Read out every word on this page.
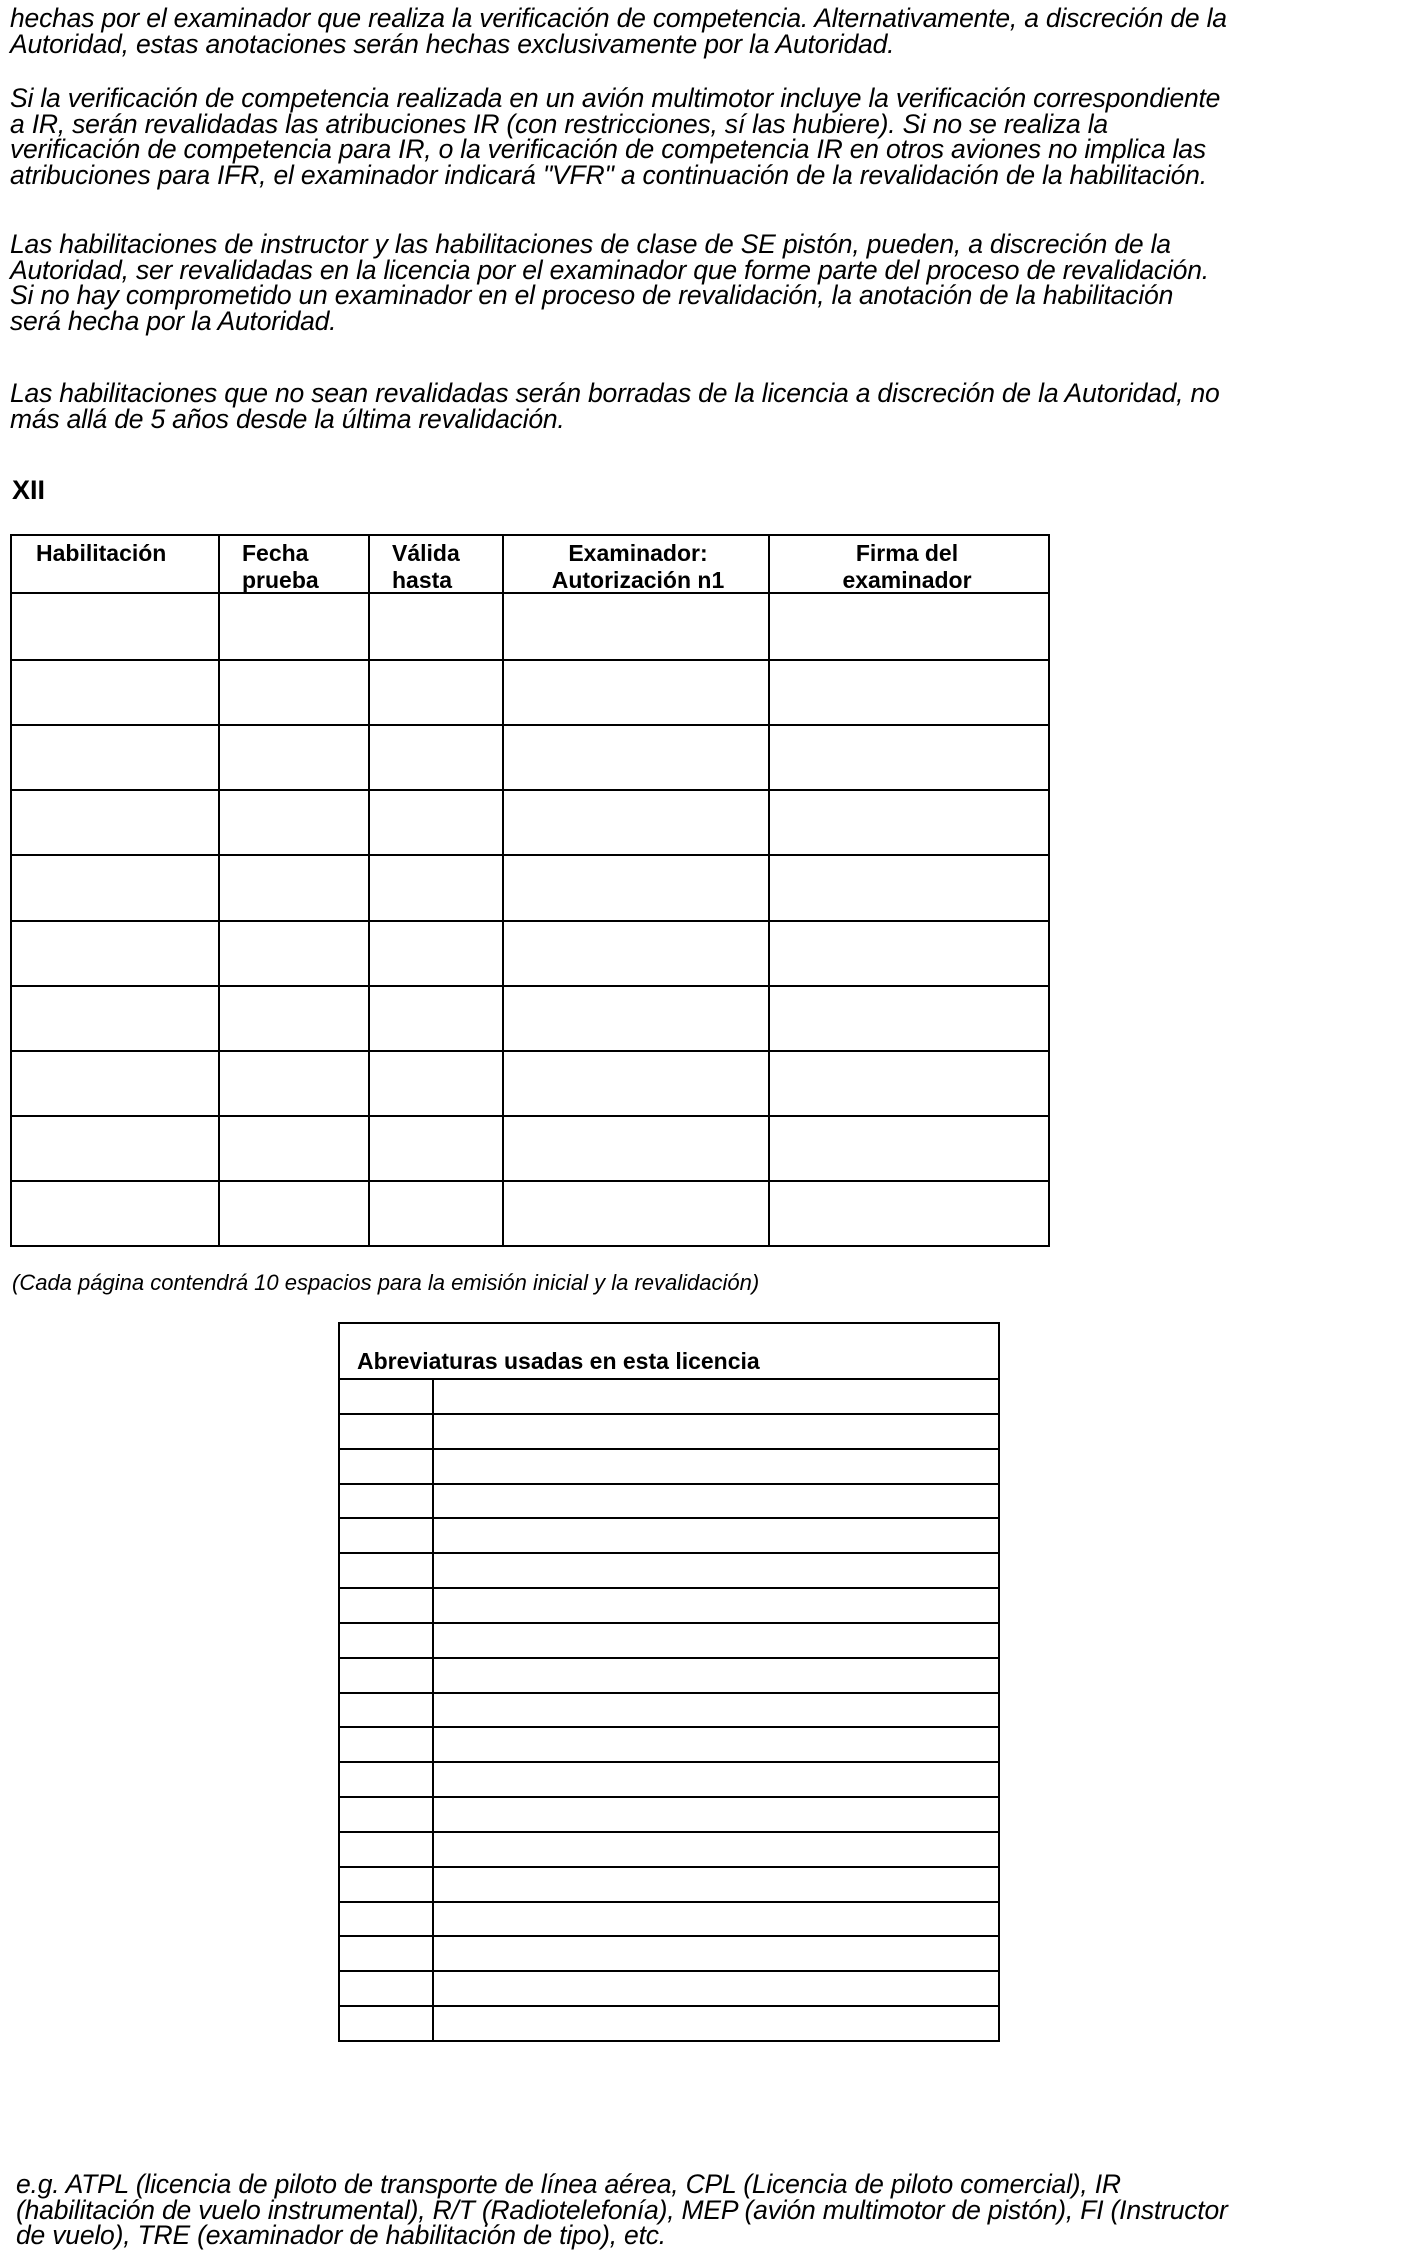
hechas por el examinador que realiza la verificación de competencia. Alternativamente, a discreción de la
Autoridad, estas anotaciones serán hechas exclusivamente por la Autoridad.

Si la verificación de competencia realizada en un avión multimotor incluye la verificación correspondiente
a IR, serán revalidadas las atribuciones IR (con restricciones, sí las hubiere). Si no se realiza la
verificación de competencia para IR, o la verificación de competencia IR en otros aviones no implica las
atribuciones para IFR, el examinador indicará "VFR" a continuación de la revalidación de la habilitación.

Las habilitaciones de instructor y las habilitaciones de clase de SE pistón, pueden, a discreción de la
Autoridad, ser revalidadas en la licencia por el examinador que forme parte del proceso de revalidación.
Si no hay comprometido un examinador en el proceso de revalidación, la anotación de la habilitación
será hecha por la Autoridad.

Las habilitaciones que no sean revalidadas serán borradas de la licencia a discreción de la Autoridad, no
más allá de 5 años desde la última revalidación.

XII
Habilitación	Fecha
prueba
Válida
hasta
Examinador:
Autorización n1
Firma del
examinador
(Cada página contendrá 10 espacios para la emisión inicial y la revalidación)
Abreviaturas usadas en esta licencia
e.g. ATPL (licencia de piloto de transporte de línea aérea, CPL (Licencia de piloto comercial), IR
(habilitación de vuelo instrumental), R/T (Radiotelefonía), MEP (avión multimotor de pistón), FI (Instructor
de vuelo), TRE (examinador de habilitación de tipo), etc.
